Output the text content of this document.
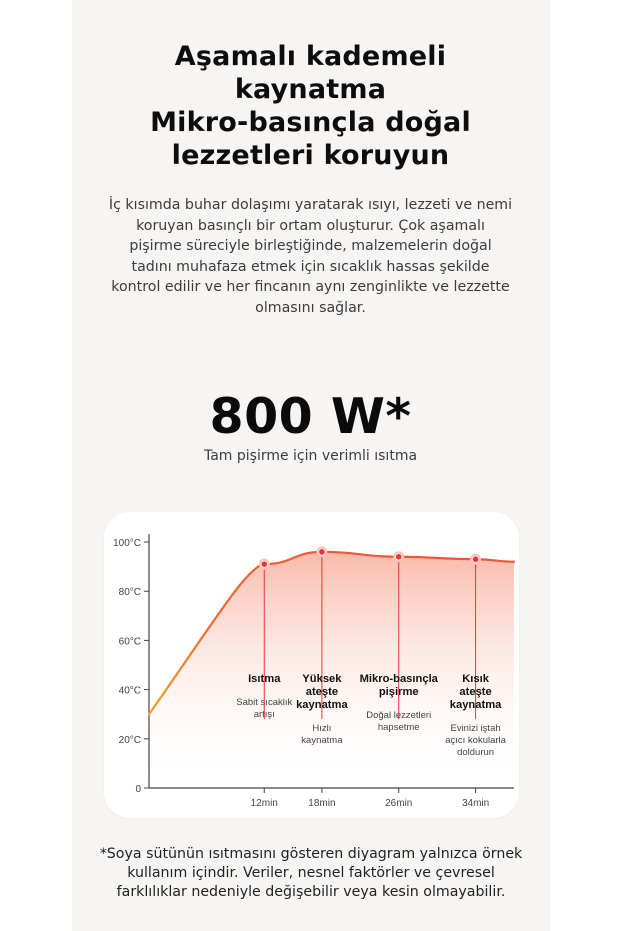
Aşamalı kademeli
kaynatma
Mikro-basınçla doğal
lezzetleri koruyun
İç kısımda buhar dolaşımı yaratarak ısıyı, lezzeti ve nemi
koruyan basınçlı bir ortam oluşturur. Çok aşamalı
pişirme süreciyle birleştiğinde, malzemelerin doğal
tadını muhafaza etmek için sıcaklık hassas şekilde
kontrol edilir ve her fincanın aynı zenginlikte ve lezzette
olmasını sağlar.
800 W*
Tam pişirme için verimli ısıtma
100°C
80°C
60°C
40°C
20°C
0
12min	18min	26min	34min
Isıtma
Sabit sıcaklık
artışı
Yüksek
ateşte
kaynatma
Hızlı
kaynatma
Mikro-basınçla
pişirme
Doğal lezzetleri
hapsetme
Kısık
ateşte
kaynatma
Evinizi iştah
açıcı kokularla
doldurun
*Soya sütünün ısıtmasını gösteren diyagram yalnızca örnek
kullanım içindir. Veriler, nesnel faktörler ve çevresel
farklılıklar nedeniyle değişebilir veya kesin olmayabilir.
